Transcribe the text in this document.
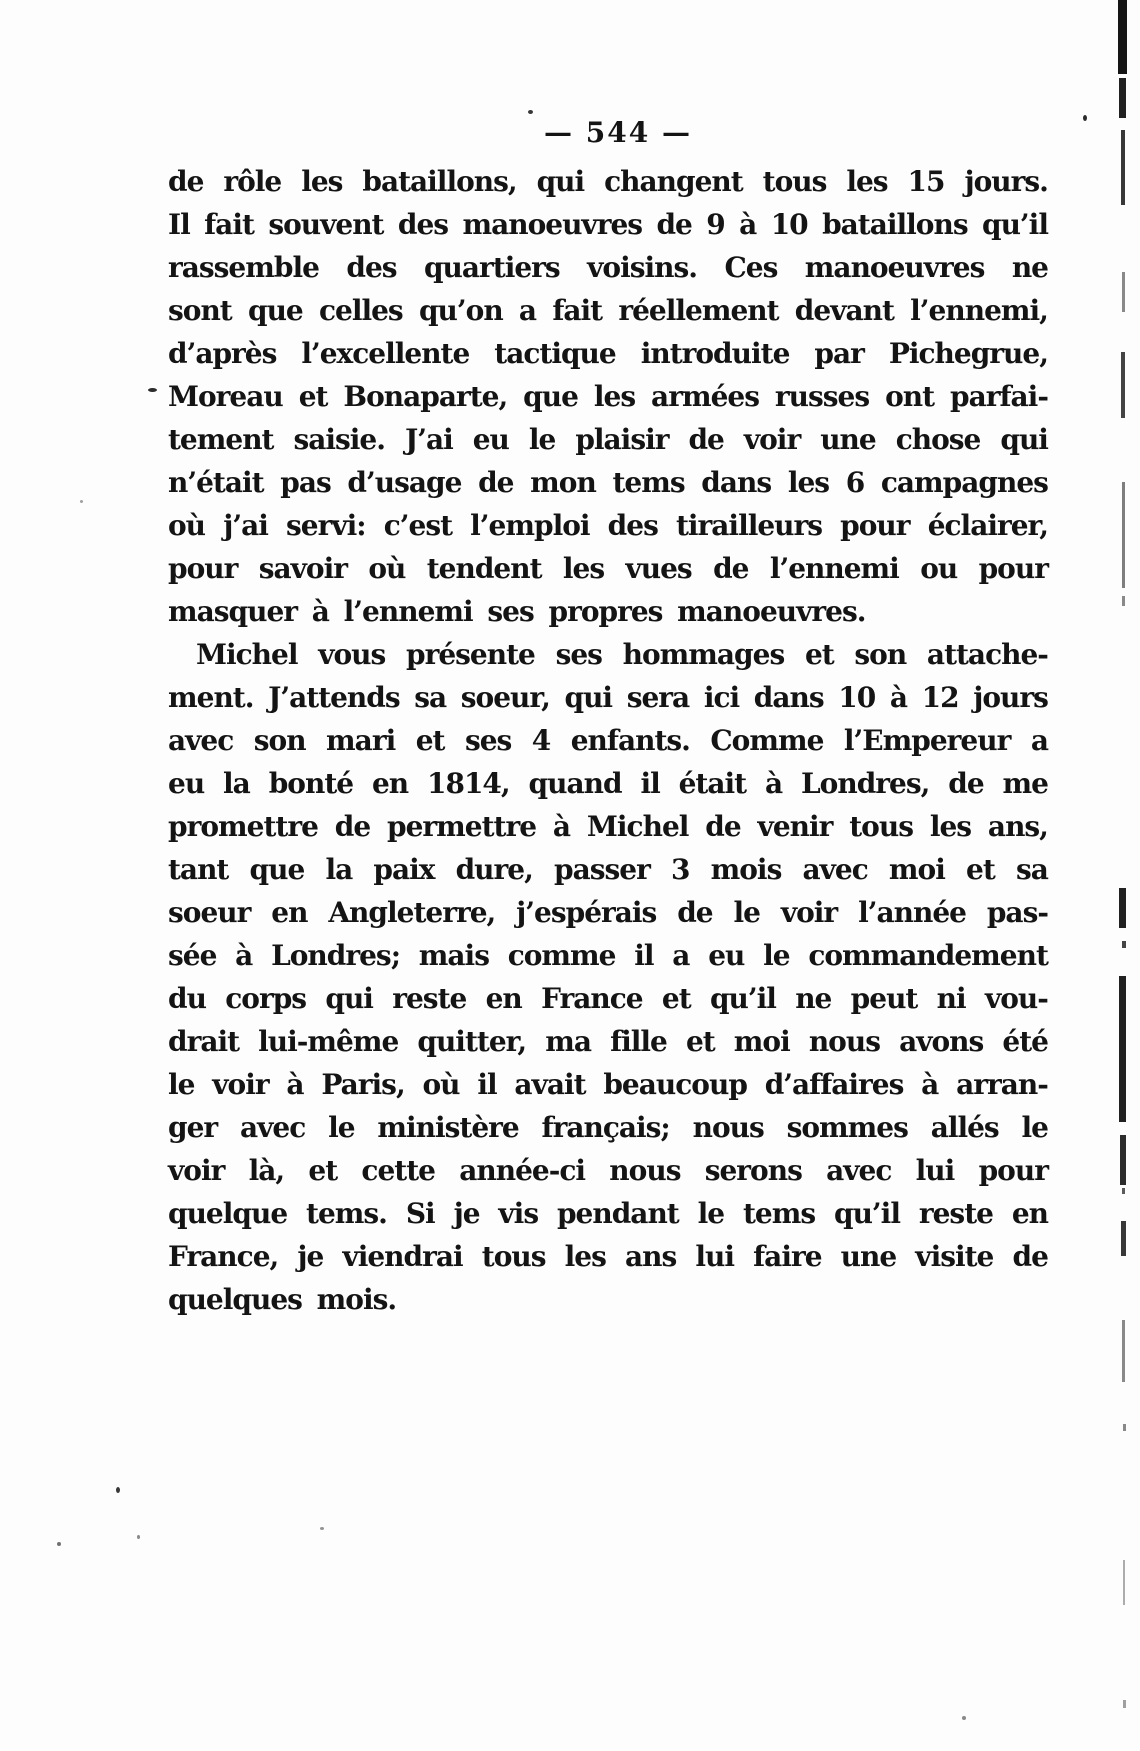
— 544 —
de rôle les bataillons, qui changent tous les 15 jours.
Il fait souvent des manoeuvres de 9 à 10 bataillons qu’il
rassemble des quartiers voisins. Ces manoeuvres ne
sont que celles qu’on a fait réellement devant l’ennemi,
d’après l’excellente tactique introduite par Pichegrue,
Moreau et Bonaparte, que les armées russes ont parfai-
tement saisie. J’ai eu le plaisir de voir une chose qui
n’était pas d’usage de mon tems dans les 6 campagnes
où j’ai servi: c’est l’emploi des tirailleurs pour éclairer,
pour savoir où tendent les vues de l’ennemi ou pour
masquer à l’ennemi ses propres manoeuvres.
Michel vous présente ses hommages et son attache-
ment. J’attends sa soeur, qui sera ici dans 10 à 12 jours
avec son mari et ses 4 enfants. Comme l’Empereur a
eu la bonté en 1814, quand il était à Londres, de me
promettre de permettre à Michel de venir tous les ans,
tant que la paix dure, passer 3 mois avec moi et sa
soeur en Angleterre, j’espérais de le voir l’année pas-
sée à Londres; mais comme il a eu le commandement
du corps qui reste en France et qu’il ne peut ni vou-
drait lui-même quitter, ma fille et moi nous avons été
le voir à Paris, où il avait beaucoup d’affaires à arran-
ger avec le ministère français; nous sommes allés le
voir là, et cette année-ci nous serons avec lui pour
quelque tems. Si je vis pendant le tems qu’il reste en
France, je viendrai tous les ans lui faire une visite de
quelques mois.
